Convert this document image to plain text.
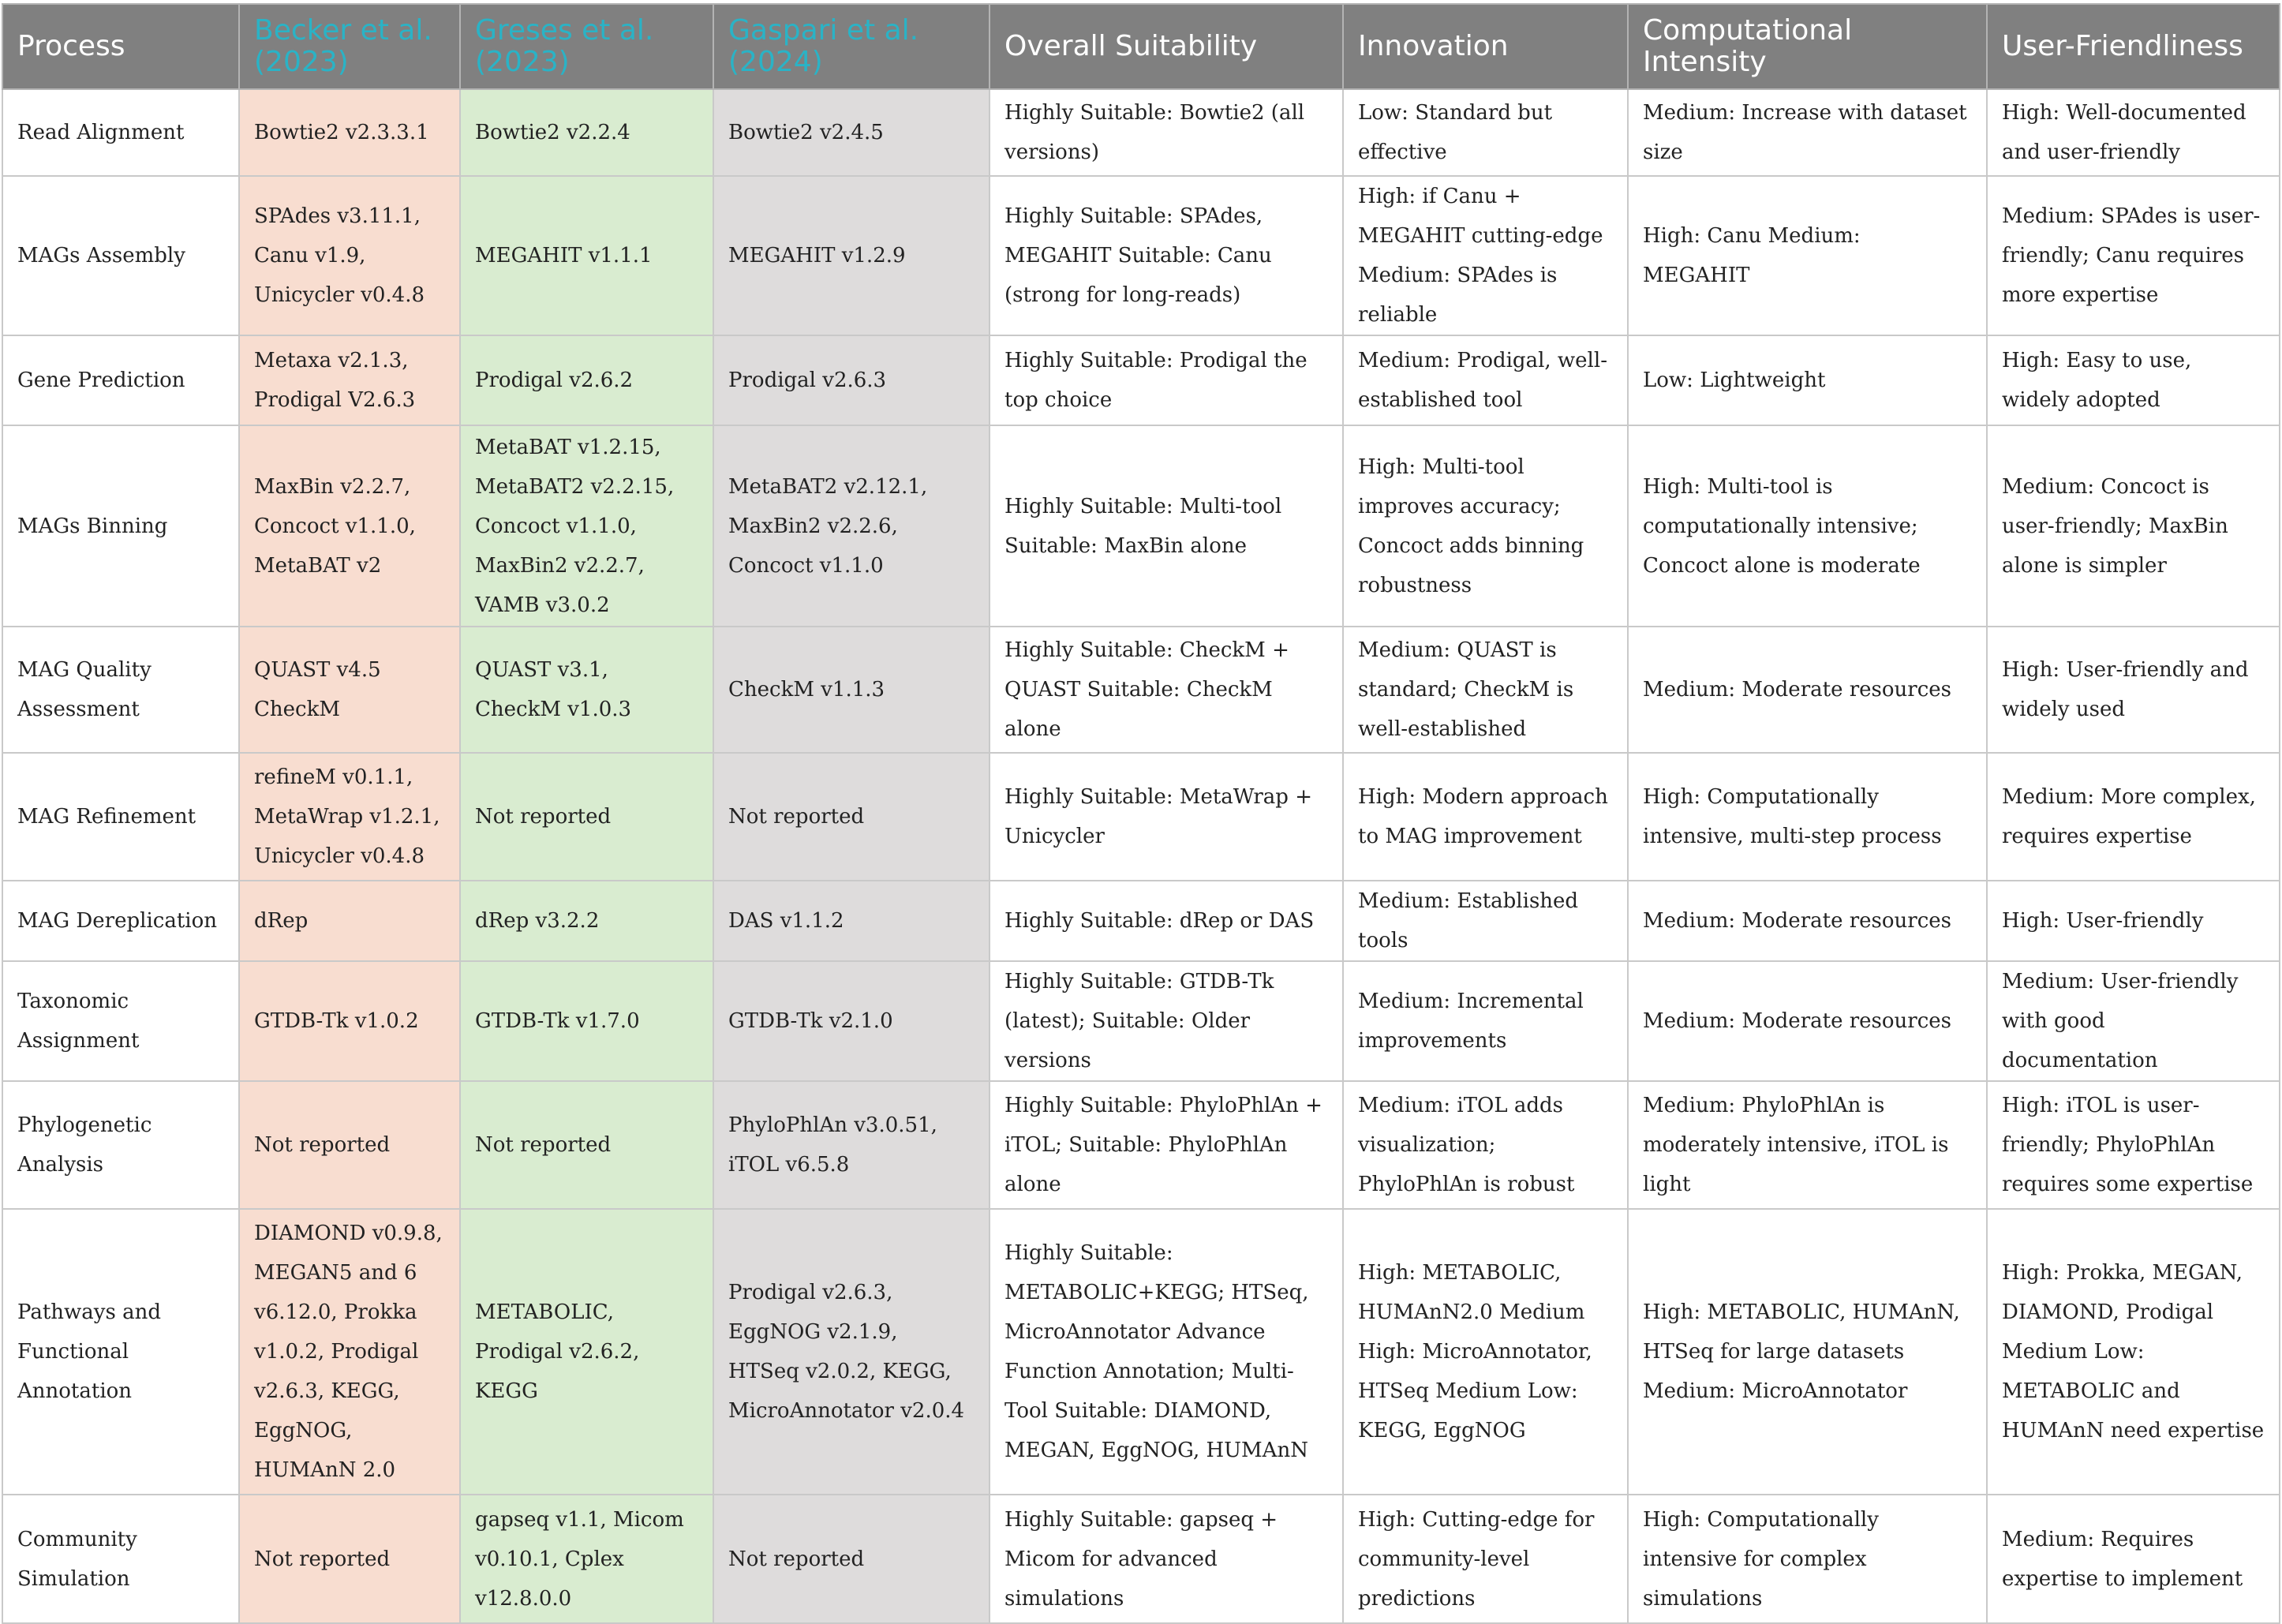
Process	Becker et al. (2023)	Greses et al. (2023)	Gaspari et al. (2024)	Overall Suitability	Innovation	Computational Intensity	User-Friendliness
Read Alignment	Bowtie2 v2.3.3.1	Bowtie2 v2.2.4	Bowtie2 v2.4.5	Highly Suitable: Bowtie2 (all versions)	Low: Standard but effective	Medium: Increase with dataset size	High: Well-documented and user-friendly
MAGs Assembly	SPAdes v3.11.1, Canu v1.9, Unicycler v0.4.8	MEGAHIT v1.1.1	MEGAHIT v1.2.9	Highly Suitable: SPAdes, MEGAHIT Suitable: Canu (strong for long-reads)	High: if Canu + MEGAHIT cutting-edge Medium: SPAdes is reliable	High: Canu Medium: MEGAHIT	Medium: SPAdes is user-friendly; Canu requires more expertise
Gene Prediction	Metaxa v2.1.3, Prodigal V2.6.3	Prodigal v2.6.2	Prodigal v2.6.3	Highly Suitable: Prodigal the top choice	Medium: Prodigal, well-established tool	Low: Lightweight	High: Easy to use, widely adopted
MAGs Binning	MaxBin v2.2.7, Concoct v1.1.0, MetaBAT v2	MetaBAT v1.2.15, MetaBAT2 v2.2.15, Concoct v1.1.0, MaxBin2 v2.2.7, VAMB v3.0.2	MetaBAT2 v2.12.1, MaxBin2 v2.2.6, Concoct v1.1.0	Highly Suitable: Multi-tool Suitable: MaxBin alone	High: Multi-tool improves accuracy; Concoct adds binning robustness	High: Multi-tool is computationally intensive; Concoct alone is moderate	Medium: Concoct is user-friendly; MaxBin alone is simpler
MAG Quality Assessment	QUAST v4.5 CheckM	QUAST v3.1, CheckM v1.0.3	CheckM v1.1.3	Highly Suitable: CheckM + QUAST Suitable: CheckM alone	Medium: QUAST is standard; CheckM is well-established	Medium: Moderate resources	High: User-friendly and widely used
MAG Refinement	refineM v0.1.1, MetaWrap v1.2.1, Unicycler v0.4.8	Not reported	Not reported	Highly Suitable: MetaWrap + Unicycler	High: Modern approach to MAG improvement	High: Computationally intensive, multi-step process	Medium: More complex, requires expertise
MAG Dereplication	dRep	dRep v3.2.2	DAS v1.1.2	Highly Suitable: dRep or DAS	Medium: Established tools	Medium: Moderate resources	High: User-friendly
Taxonomic Assignment	GTDB-Tk v1.0.2	GTDB-Tk v1.7.0	GTDB-Tk v2.1.0	Highly Suitable: GTDB-Tk (latest); Suitable: Older versions	Medium: Incremental improvements	Medium: Moderate resources	Medium: User-friendly with good documentation
Phylogenetic Analysis	Not reported	Not reported	PhyloPhlAn v3.0.51, iTOL v6.5.8	Highly Suitable: PhyloPhlAn + iTOL; Suitable: PhyloPhlAn alone	Medium: iTOL adds visualization; PhyloPhlAn is robust	Medium: PhyloPhlAn is moderately intensive, iTOL is light	High: iTOL is user-friendly; PhyloPhlAn requires some expertise
Pathways and Functional Annotation	DIAMOND v0.9.8, MEGAN5 and 6 v6.12.0, Prokka v1.0.2, Prodigal v2.6.3, KEGG, EggNOG, HUMAnN 2.0	METABOLIC, Prodigal v2.6.2, KEGG	Prodigal v2.6.3, EggNOG v2.1.9, HTSeq v2.0.2, KEGG, MicroAnnotator v2.0.4	Highly Suitable: METABOLIC+KEGG; HTSeq, MicroAnnotator Advance Function Annotation; Multi-Tool Suitable: DIAMOND, MEGAN, EggNOG, HUMAnN	High: METABOLIC, HUMAnN2.0 Medium High: MicroAnnotator, HTSeq Medium Low: KEGG, EggNOG	High: METABOLIC, HUMAnN, HTSeq for large datasets Medium: MicroAnnotator	High: Prokka, MEGAN, DIAMOND, Prodigal Medium Low: METABOLIC and HUMAnN need expertise
Community Simulation	Not reported	gapseq v1.1, Micom v0.10.1, Cplex v12.8.0.0	Not reported	Highly Suitable: gapseq + Micom for advanced simulations	High: Cutting-edge for community-level predictions	High: Computationally intensive for complex simulations	Medium: Requires expertise to implement
